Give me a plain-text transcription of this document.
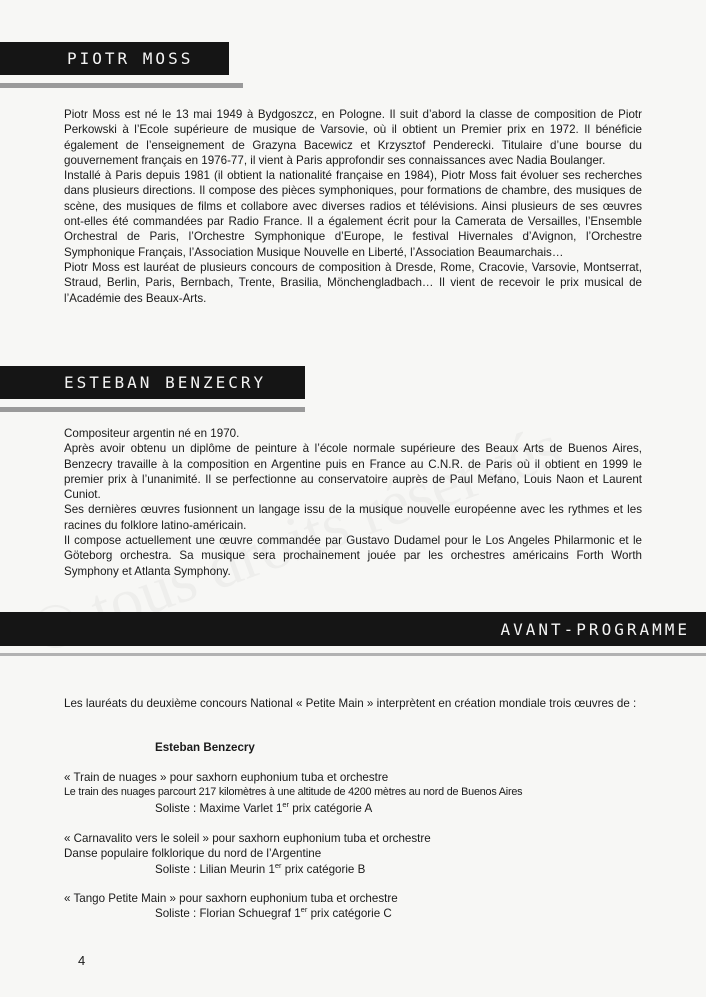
PIOTR MOSS

Piotr Moss est né le 13 mai 1949 à Bydgoszcz, en Pologne. Il suit d’abord la classe de composition de Piotr Perkowski à l’Ecole supérieure de musique de Varsovie, où il obtient un Premier prix en 1972. Il bénéficie également de l’enseignement de Grazyna Bacewicz et Krzysztof Penderecki. Titulaire d’une bourse du gouvernement français en 1976-77, il vient à Paris approfondir ses connaissances avec Nadia Boulanger.

Installé à Paris depuis 1981 (il obtient la nationalité française en 1984), Piotr Moss fait évoluer ses recherches dans plusieurs directions. Il compose des pièces symphoniques, pour formations de chambre, des musiques de scène, des musiques de films et collabore avec diverses radios et télévisions. Ainsi plusieurs de ses œuvres ont-elles été commandées par Radio France. Il a également écrit pour la Camerata de Versailles, l’Ensemble Orchestral de Paris, l’Orchestre Symphonique d’Europe, le festival Hivernales d’Avignon, l’Orchestre Symphonique Français, l’Association Musique Nouvelle en Liberté, l’Association Beaumarchais…

Piotr Moss est lauréat de plusieurs concours de composition à Dresde, Rome, Cracovie, Varsovie, Montserrat, Straud, Berlin, Paris, Bernbach, Trente, Brasilia, Mönchengladbach… Il vient de recevoir le prix musical de l’Académie des Beaux-Arts.

ESTEBAN BENZECRY

Compositeur argentin né en 1970.

Après avoir obtenu un diplôme de peinture à l’école normale supérieure des Beaux Arts de Buenos Aires, Benzecry travaille à la composition en Argentine puis en France au C.N.R. de Paris où il obtient en 1999 le premier prix à l’unanimité. Il se perfectionne au conservatoire auprès de Paul Mefano, Louis Naon et Laurent Cuniot.

Ses dernières œuvres fusionnent un langage issu de la musique nouvelle européenne avec les rythmes et les racines du folklore latino-américain.

Il compose actuellement une œuvre commandée par Gustavo Dudamel pour le Los Angeles Philarmonic et le Göteborg orchestra. Sa musique sera prochainement jouée par les orchestres américains Forth Worth Symphony et Atlanta Symphony.

AVANT-PROGRAMME

Les lauréats du deuxième concours National « Petite Main » interprètent en création mondiale trois œuvres de :

Esteban Benzecry

« Train de nuages » pour saxhorn euphonium tuba et orchestre

Le train des nuages parcourt 217 kilomètres à une altitude de 4200 mètres au nord de Buenos Aires

Soliste : Maxime Varlet 1er prix catégorie A

« Carnavalito vers le soleil » pour saxhorn euphonium tuba et orchestre

Danse populaire folklorique du nord de l’Argentine

Soliste : Lilian Meurin 1er prix catégorie B

« Tango Petite Main » pour saxhorn euphonium tuba et orchestre

Soliste : Florian Schuegraf 1er prix catégorie C

4
